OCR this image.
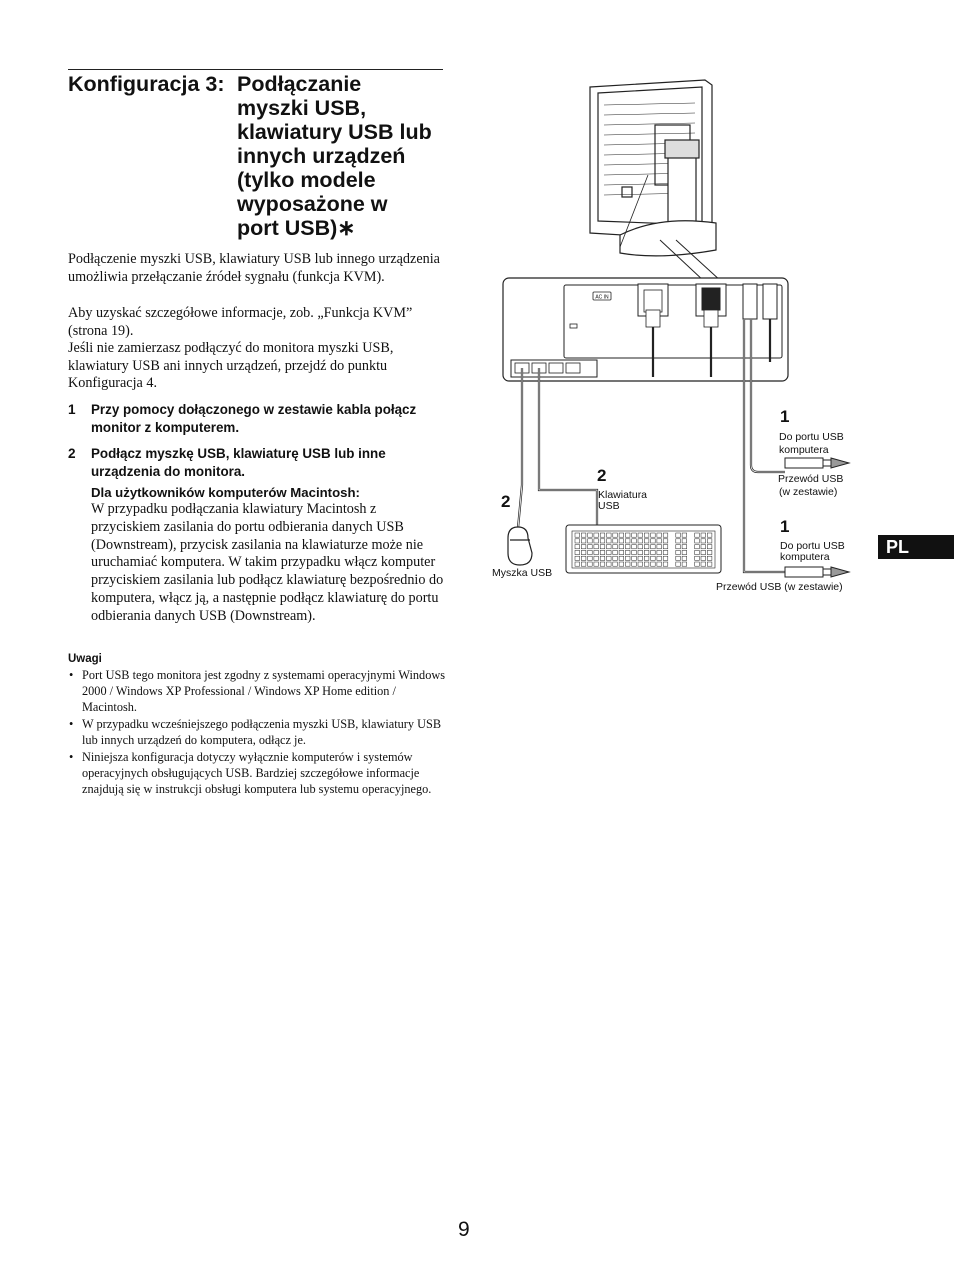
Konfiguracja 3: Podłączanie
myszki USB,
klawiatury USB lub
innych urządzeń
(tylko modele
wyposażone w
port USB)∗
Podłączenie myszki USB, klawiatury USB lub innego urządzenia umożliwia przełączanie źródeł sygnału (funkcja KVM).
Aby uzyskać szczegółowe informacje, zob. „Funkcja KVM” (strona 19).
Jeśli nie zamierzasz podłączyć do monitora myszki USB, klawiatury USB ani innych urządzeń, przejdź do punktu Konfiguracja 4.
1 Przy pomocy dołączonego w zestawie kabla połącz monitor z komputerem.
2 Podłącz myszkę USB, klawiaturę USB lub inne urządzenia do monitora.
Dla użytkowników komputerów Macintosh:
W przypadku podłączania klawiatury Macintosh z przyciskiem zasilania do portu odbierania danych USB (Downstream), przycisk zasilania na klawiaturze może nie uruchamiać komputera. W takim przypadku włącz komputer przyciskiem zasilania lub podłącz klawiaturę bezpośrednio do komputera, włącz ją, a następnie podłącz klawiaturę do portu odbierania danych USB (Downstream).
Uwagi
• Port USB tego monitora jest zgodny z systemami operacyjnymi Windows 2000 / Windows XP Professional / Windows XP Home edition / Macintosh.
• W przypadku wcześniejszego podłączenia myszki USB, klawiatury USB lub innych urządzeń do komputera, odłącz je.
• Niniejsza konfiguracja dotyczy wyłącznie komputerów i systemów operacyjnych obsługujących USB. Bardziej szczegółowe informacje znajdują się w instrukcji obsługi komputera lub systemu operacyjnego.
AC IN
1
Do portu USB
komputera
Przewód USB
(w zestawie)
1
Do portu USB
komputera
Przewód USB (w zestawie)
2
Klawiatura
USB
2
Myszka USB
PL
9
